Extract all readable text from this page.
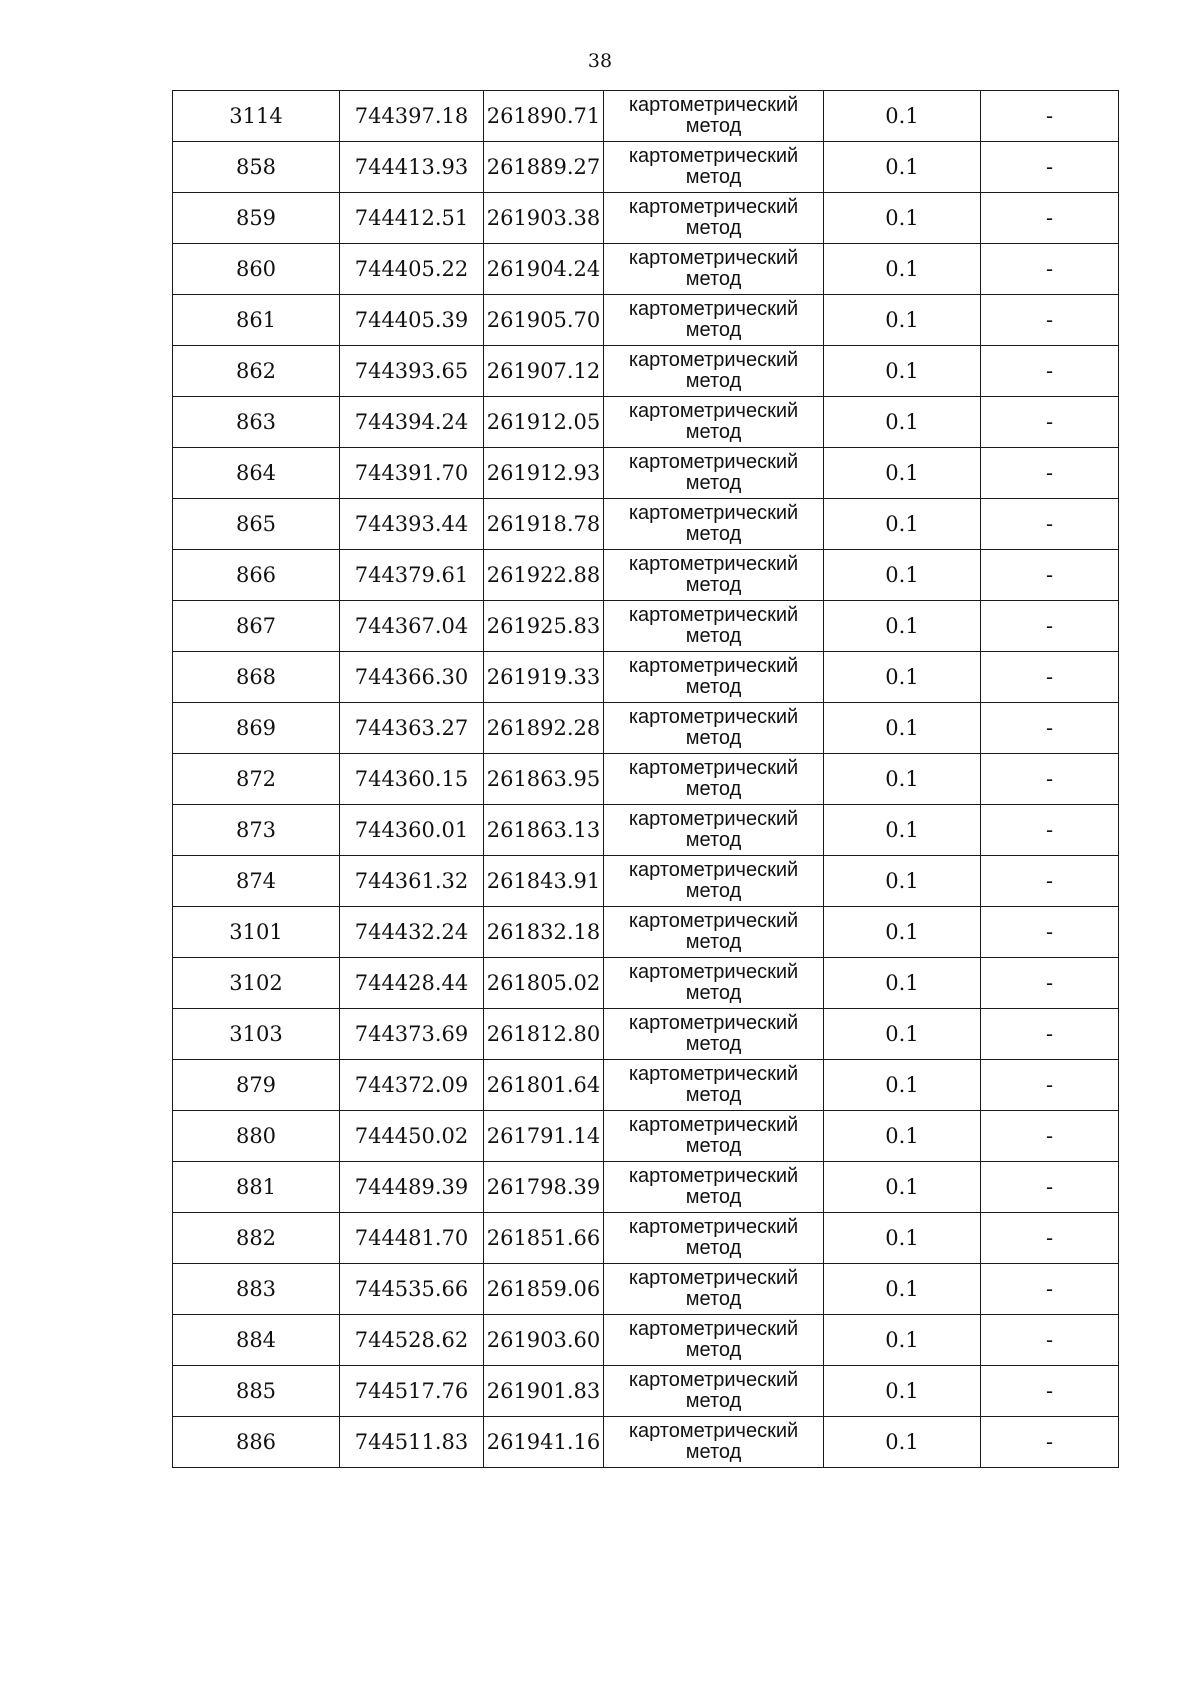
38
3114	744397.18	261890.71	картометрический
метод	0.1	-
858	744413.93	261889.27	картометрический
метод	0.1	-
859	744412.51	261903.38	картометрический
метод	0.1	-
860	744405.22	261904.24	картометрический
метод	0.1	-
861	744405.39	261905.70	картометрический
метод	0.1	-
862	744393.65	261907.12	картометрический
метод	0.1	-
863	744394.24	261912.05	картометрический
метод	0.1	-
864	744391.70	261912.93	картометрический
метод	0.1	-
865	744393.44	261918.78	картометрический
метод	0.1	-
866	744379.61	261922.88	картометрический
метод	0.1	-
867	744367.04	261925.83	картометрический
метод	0.1	-
868	744366.30	261919.33	картометрический
метод	0.1	-
869	744363.27	261892.28	картометрический
метод	0.1	-
872	744360.15	261863.95	картометрический
метод	0.1	-
873	744360.01	261863.13	картометрический
метод	0.1	-
874	744361.32	261843.91	картометрический
метод	0.1	-
3101	744432.24	261832.18	картометрический
метод	0.1	-
3102	744428.44	261805.02	картометрический
метод	0.1	-
3103	744373.69	261812.80	картометрический
метод	0.1	-
879	744372.09	261801.64	картометрический
метод	0.1	-
880	744450.02	261791.14	картометрический
метод	0.1	-
881	744489.39	261798.39	картометрический
метод	0.1	-
882	744481.70	261851.66	картометрический
метод	0.1	-
883	744535.66	261859.06	картометрический
метод	0.1	-
884	744528.62	261903.60	картометрический
метод	0.1	-
885	744517.76	261901.83	картометрический
метод	0.1	-
886	744511.83	261941.16	картометрический
метод	0.1	-
